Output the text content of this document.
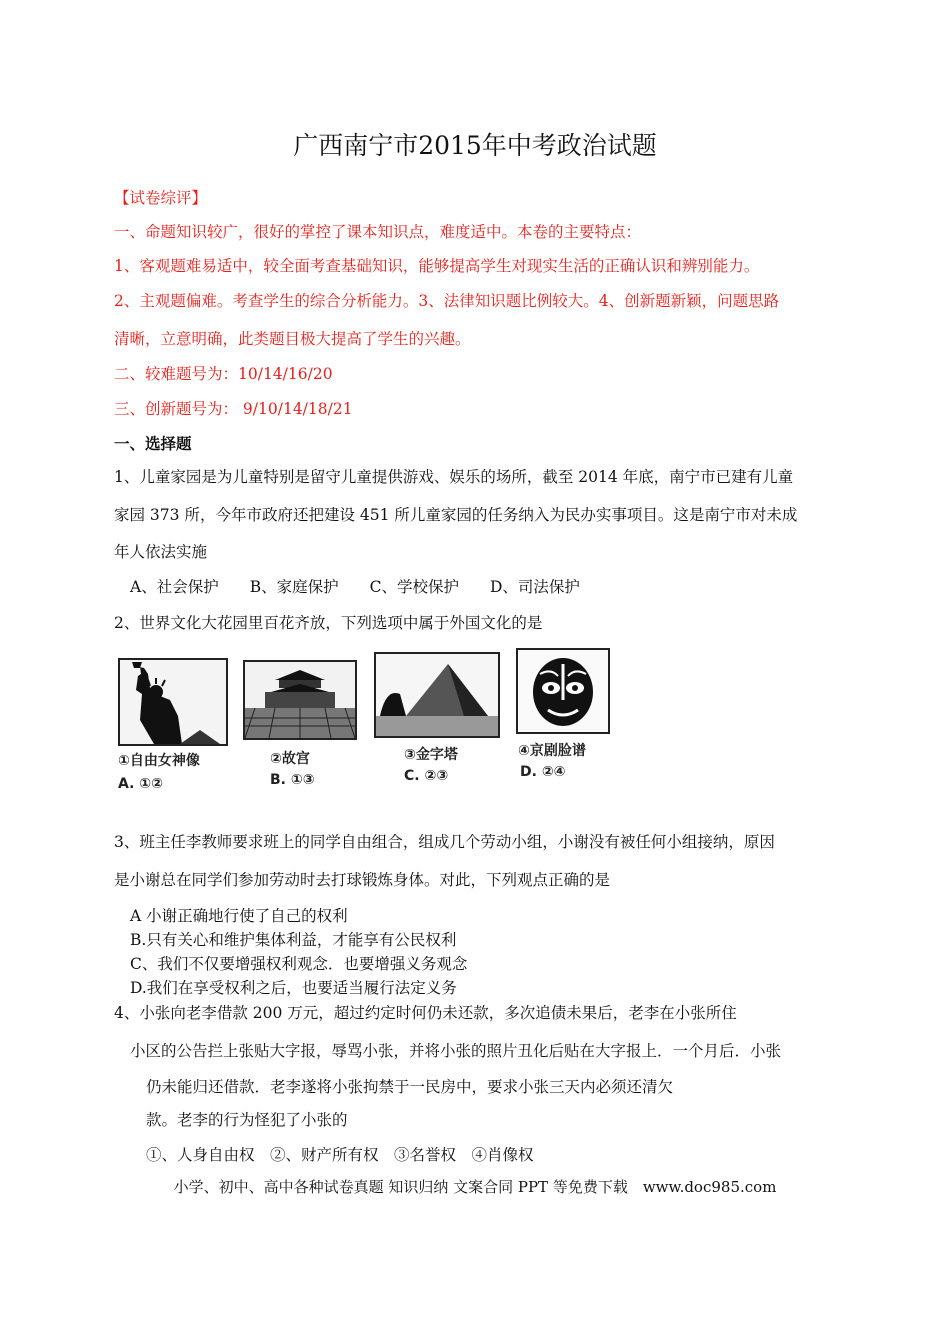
广西南宁市2015年中考政治试题
【试卷综评】
一、命题知识较广，很好的掌控了课本知识点，难度适中。本卷的主要特点：
1、客观题难易适中，较全面考查基础知识，能够提高学生对现实生活的正确认识和辨别能力。
2、主观题偏难。考查学生的综合分析能力。3、法律知识题比例较大。4、创新题新颖，问题思路
清晰，立意明确，此类题目极大提高了学生的兴趣。
二、较难题号为：10/14/16/20
三、创新题号为： 9/10/14/18/21
一、选择题
1、儿童家园是为儿童特别是留守儿童提供游戏、娱乐的场所，截至 2014 年底，南宁市已建有儿童
家园 373 所，今年市政府还把建设 451 所儿童家园的任务纳入为民办实事项目。这是南宁市对未成
年人依法实施
A、社会保护　　B、家庭保护　　C、学校保护　　D、司法保护
2、世界文化大花园里百花齐放，下列选项中属于外国文化的是
①自由女神像
A. ①②
②故宫
B. ①③
③金字塔
C. ②③
④京剧脸谱
D. ②④
3、班主任李教师要求班上的同学自由组合，组成几个劳动小组，小谢没有被任何小组接纳，原因
是小谢总在同学们参加劳动时去打球锻炼身体。对此，下列观点正确的是
A 小谢正确地行使了自己的权利
B.只有关心和维护集体利益，才能享有公民权利
C、我们不仅要增强权利观念．也要增强义务观念
D.我们在享受权利之后，也要适当履行法定义务
4、小张向老李借款 200 万元，超过约定时何仍未还款，多次追债未果后，老李在小张所住
小区的公告拦上张贴大字报，辱骂小张，并将小张的照片丑化后贴在大字报上．一个月后．小张
仍未能归还借款．老李遂将小张拘禁于一民房中，要求小张三天内必须还清欠
款。老李的行为怪犯了小张的
①、人身自由权　②、财产所有权　③名誉权　④肖像权
小学、初中、高中各种试卷真题 知识归纳 文案合同 PPT 等免费下载　www.doc985.com
